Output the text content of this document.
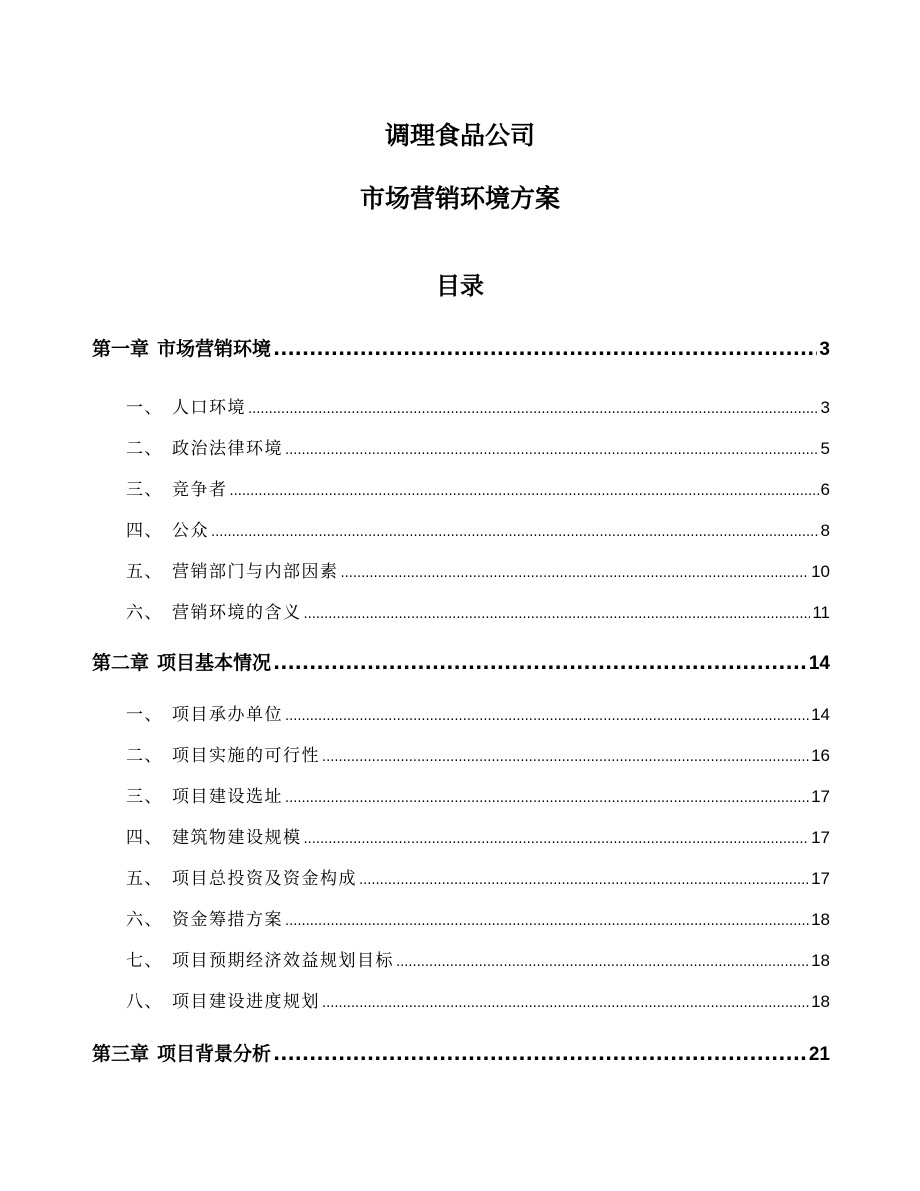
调理食品公司
市场营销环境方案
目录
第一章 市场营销环境 .....	3
一、 人口环境 .....	3
二、 政治法律环境 .....	5
三、 竞争者 .....	6
四、 公众 .....	8
五、 营销部门与内部因素 .....	10
六、 营销环境的含义 .....	11
第二章 项目基本情况 .....	14
一、 项目承办单位 .....	14
二、 项目实施的可行性 .....	16
三、 项目建设选址 .....	17
四、 建筑物建设规模 .....	17
五、 项目总投资及资金构成 .....	17
六、 资金筹措方案 .....	18
七、 项目预期经济效益规划目标 .....	18
八、 项目建设进度规划 .....	18
第三章 项目背景分析 .....	21
